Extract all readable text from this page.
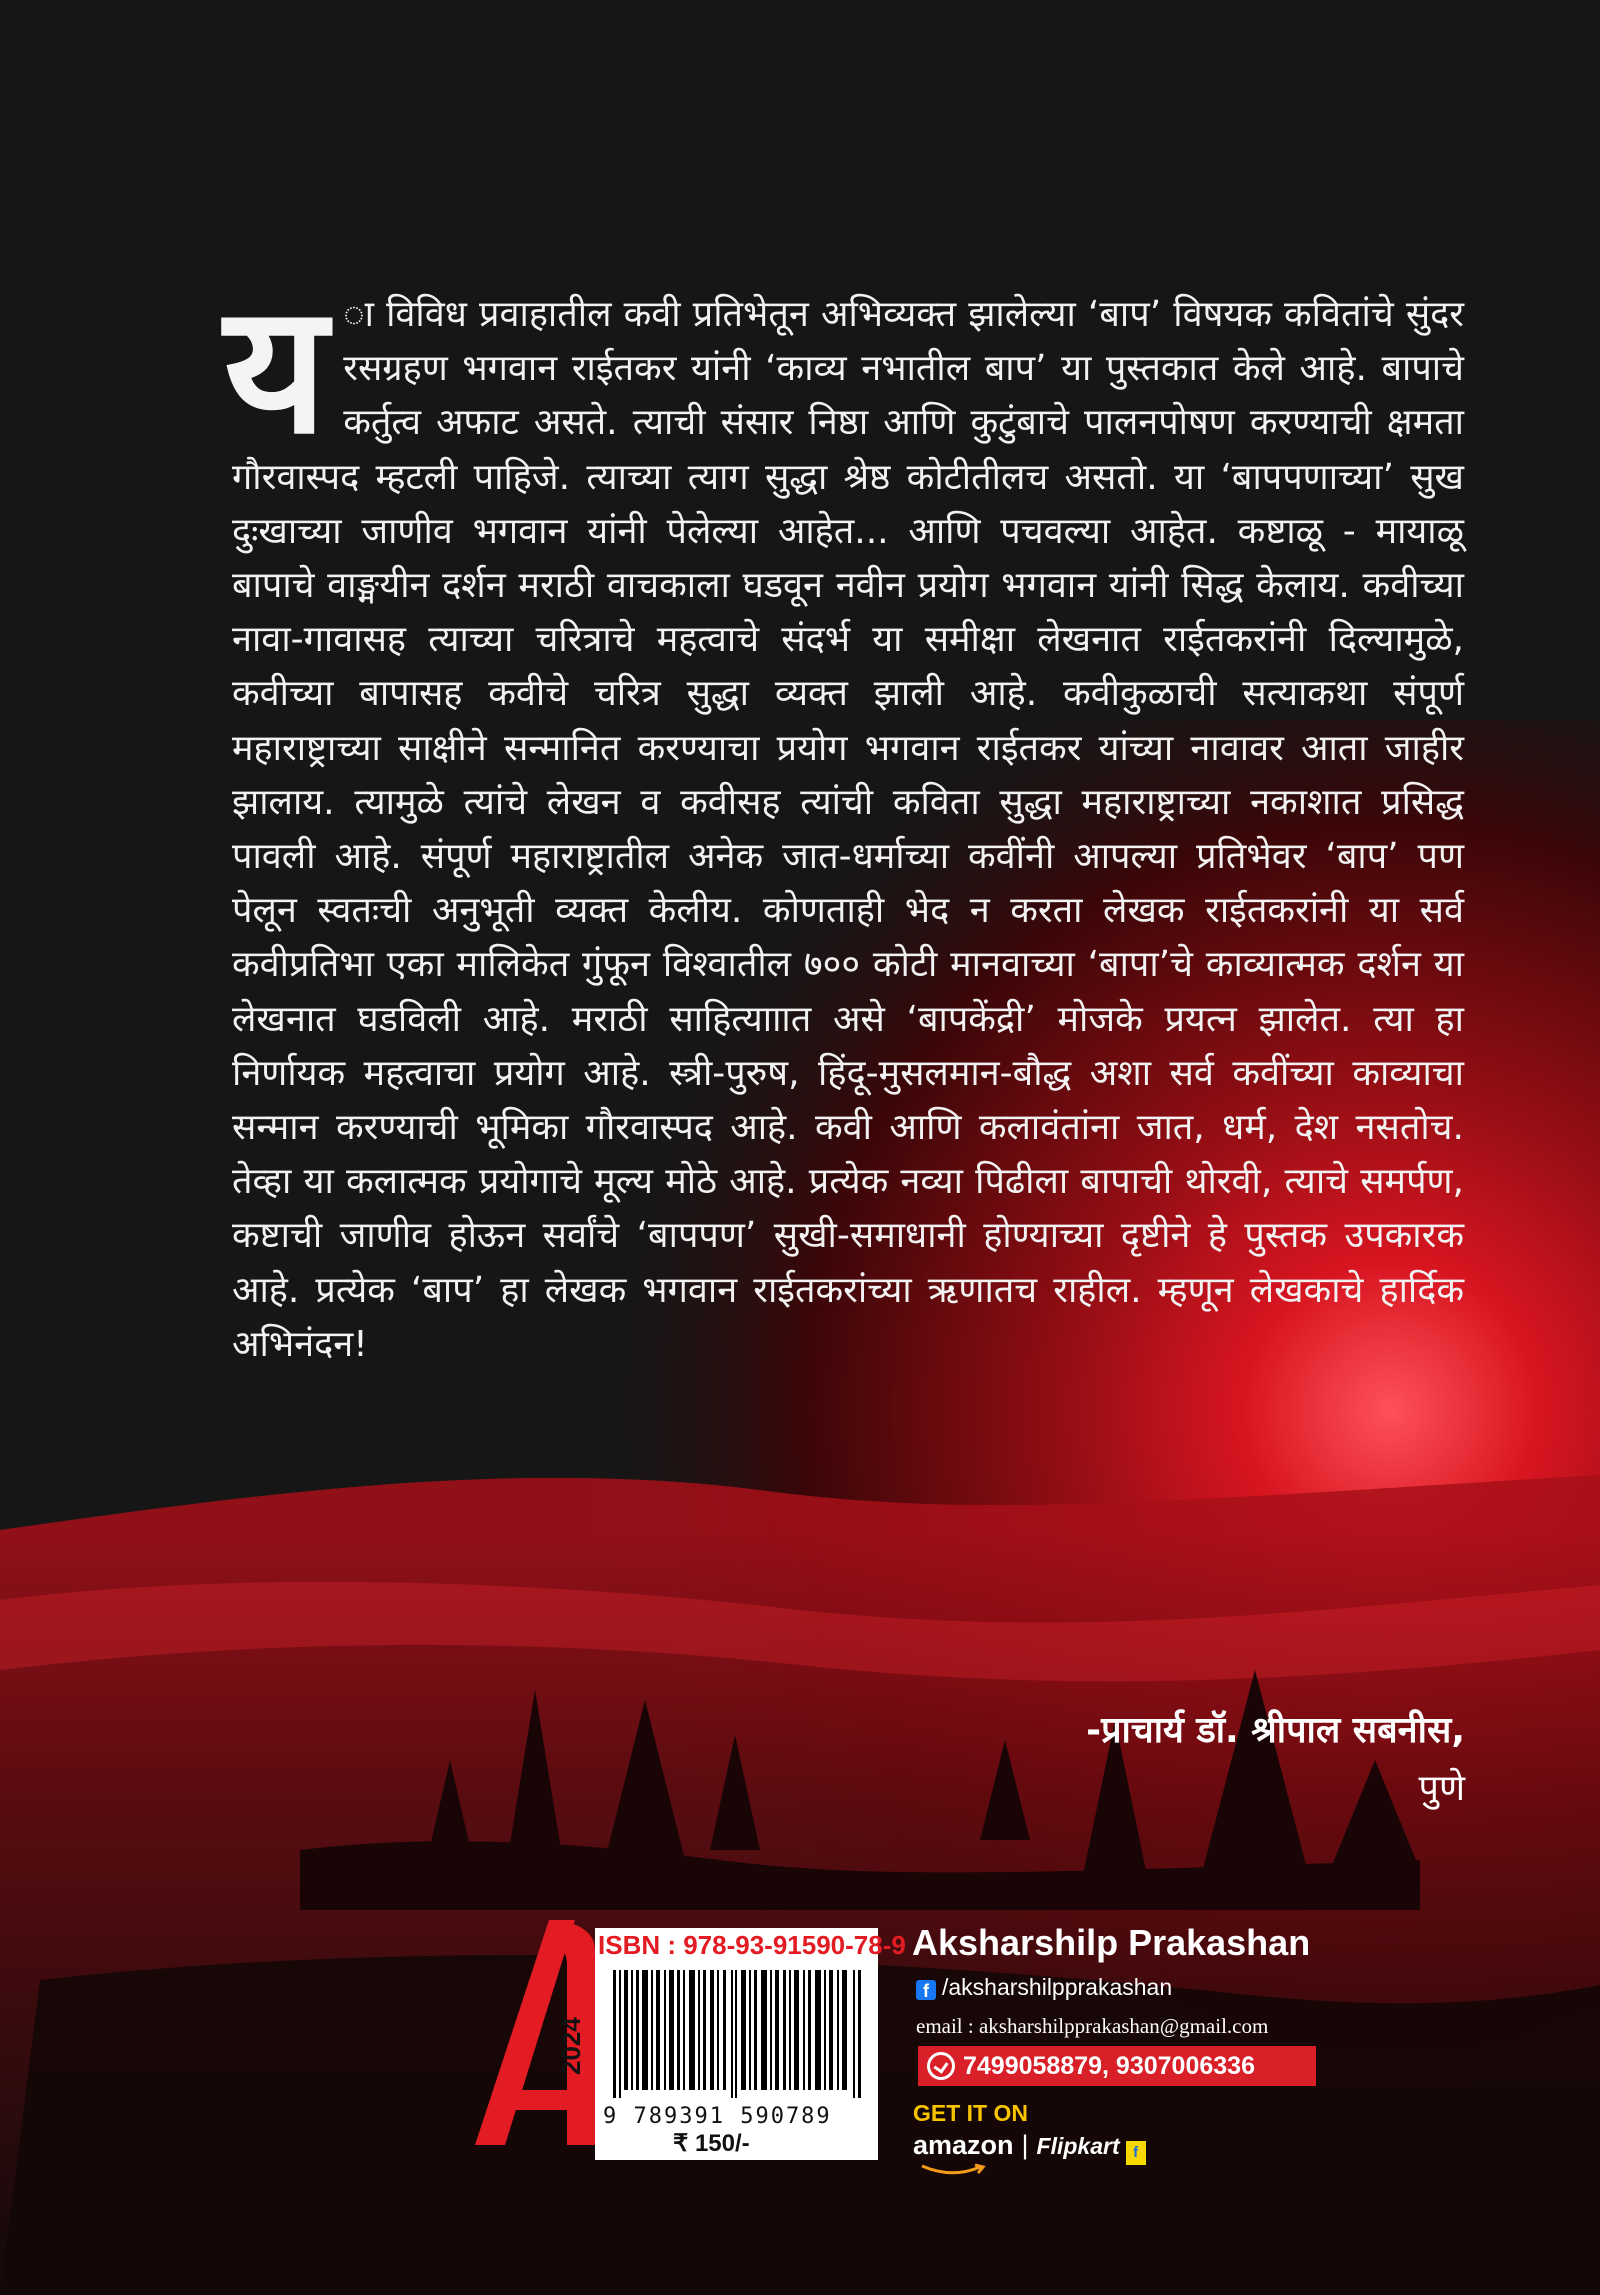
य ा विविध प्रवाहातील कवी प्रतिभेतून अभिव्यक्त झालेल्या ‘बाप’ विषयक कवितांचे सुंदर रसग्रहण भगवान राईतकर यांनी ‘काव्य नभातील बाप’ या पुस्तकात केले आहे. बापाचे कर्तुत्व अफाट असते. त्याची संसार निष्ठा आणि कुटुंबाचे पालनपोषण करण्याची क्षमता गौरवास्पद म्हटली पाहिजे. त्याच्या त्याग सुद्धा श्रेष्ठ कोटीतीलच असतो. या ‘बापपणाच्या’ सुख दुःखाच्या जाणीव भगवान यांनी पेलेल्या आहेत... आणि पचवल्या आहेत. कष्टाळू - मायाळू बापाचे वाङ्मयीन दर्शन मराठी वाचकाला घडवून नवीन प्रयोग भगवान यांनी सिद्ध केलाय. कवीच्या नावा-गावासह त्याच्या चरित्राचे महत्वाचे संदर्भ या समीक्षा लेखनात राईतकरांनी दिल्यामुळे, कवीच्या बापासह कवीचे चरित्र सुद्धा व्यक्त झाली आहे. कवीकुळाची सत्याकथा संपूर्ण महाराष्ट्राच्या साक्षीने सन्मानित करण्याचा प्रयोग भगवान राईतकर यांच्या नावावर आता जाहीर झालाय. त्यामुळे त्यांचे लेखन व कवीसह त्यांची कविता सुद्धा महाराष्ट्राच्या नकाशात प्रसिद्ध पावली आहे. संपूर्ण महाराष्ट्रातील अनेक जात-धर्माच्या कवींनी आपल्या प्रतिभेवर ‘बाप’ पण पेलून स्वतःची अनुभूती व्यक्त केलीय. कोणताही भेद न करता लेखक राईतकरांनी या सर्व कवीप्रतिभा एका मालिकेत गुंफून विश्वातील ७०० कोटी मानवाच्या ‘बापा’चे काव्यात्मक दर्शन या लेखनात घडविली आहे. मराठी साहित्यााात असे ‘बापकेंद्री’ मोजके प्रयत्न झालेत. त्या हा निर्णायक महत्वाचा प्रयोग आहे. स्त्री-पुरुष, हिंदू-मुसलमान-बौद्ध अशा सर्व कवींच्या काव्याचा सन्मान करण्याची भूमिका गौरवास्पद आहे. कवी आणि कलावंतांना जात, धर्म, देश नसतोच. तेव्हा या कलात्मक प्रयोगाचे मूल्य मोठे आहे. प्रत्येक नव्या पिढीला बापाची थोरवी, त्याचे समर्पण, कष्टाची जाणीव होऊन सर्वांचे ‘बापपण’ सुखी-समाधानी होण्याच्या दृष्टीने हे पुस्तक उपकारक आहे. प्रत्येक ‘बाप’ हा लेखक भगवान राईतकरांच्या ऋणातच राहील. म्हणून लेखकाचे हार्दिक अभिनंदन!
-प्राचार्य डॉ. श्रीपाल सबनीस,
पुणे
2024
ISBN : 978-93-91590-78-9
9 789391 590789
₹ 150/-
Aksharshilp Prakashan
f /aksharshilpprakashan
email : aksharshilpprakashan@gmail.com
7499058879, 9307006336
GET IT ON
amazon | Flipkart f
